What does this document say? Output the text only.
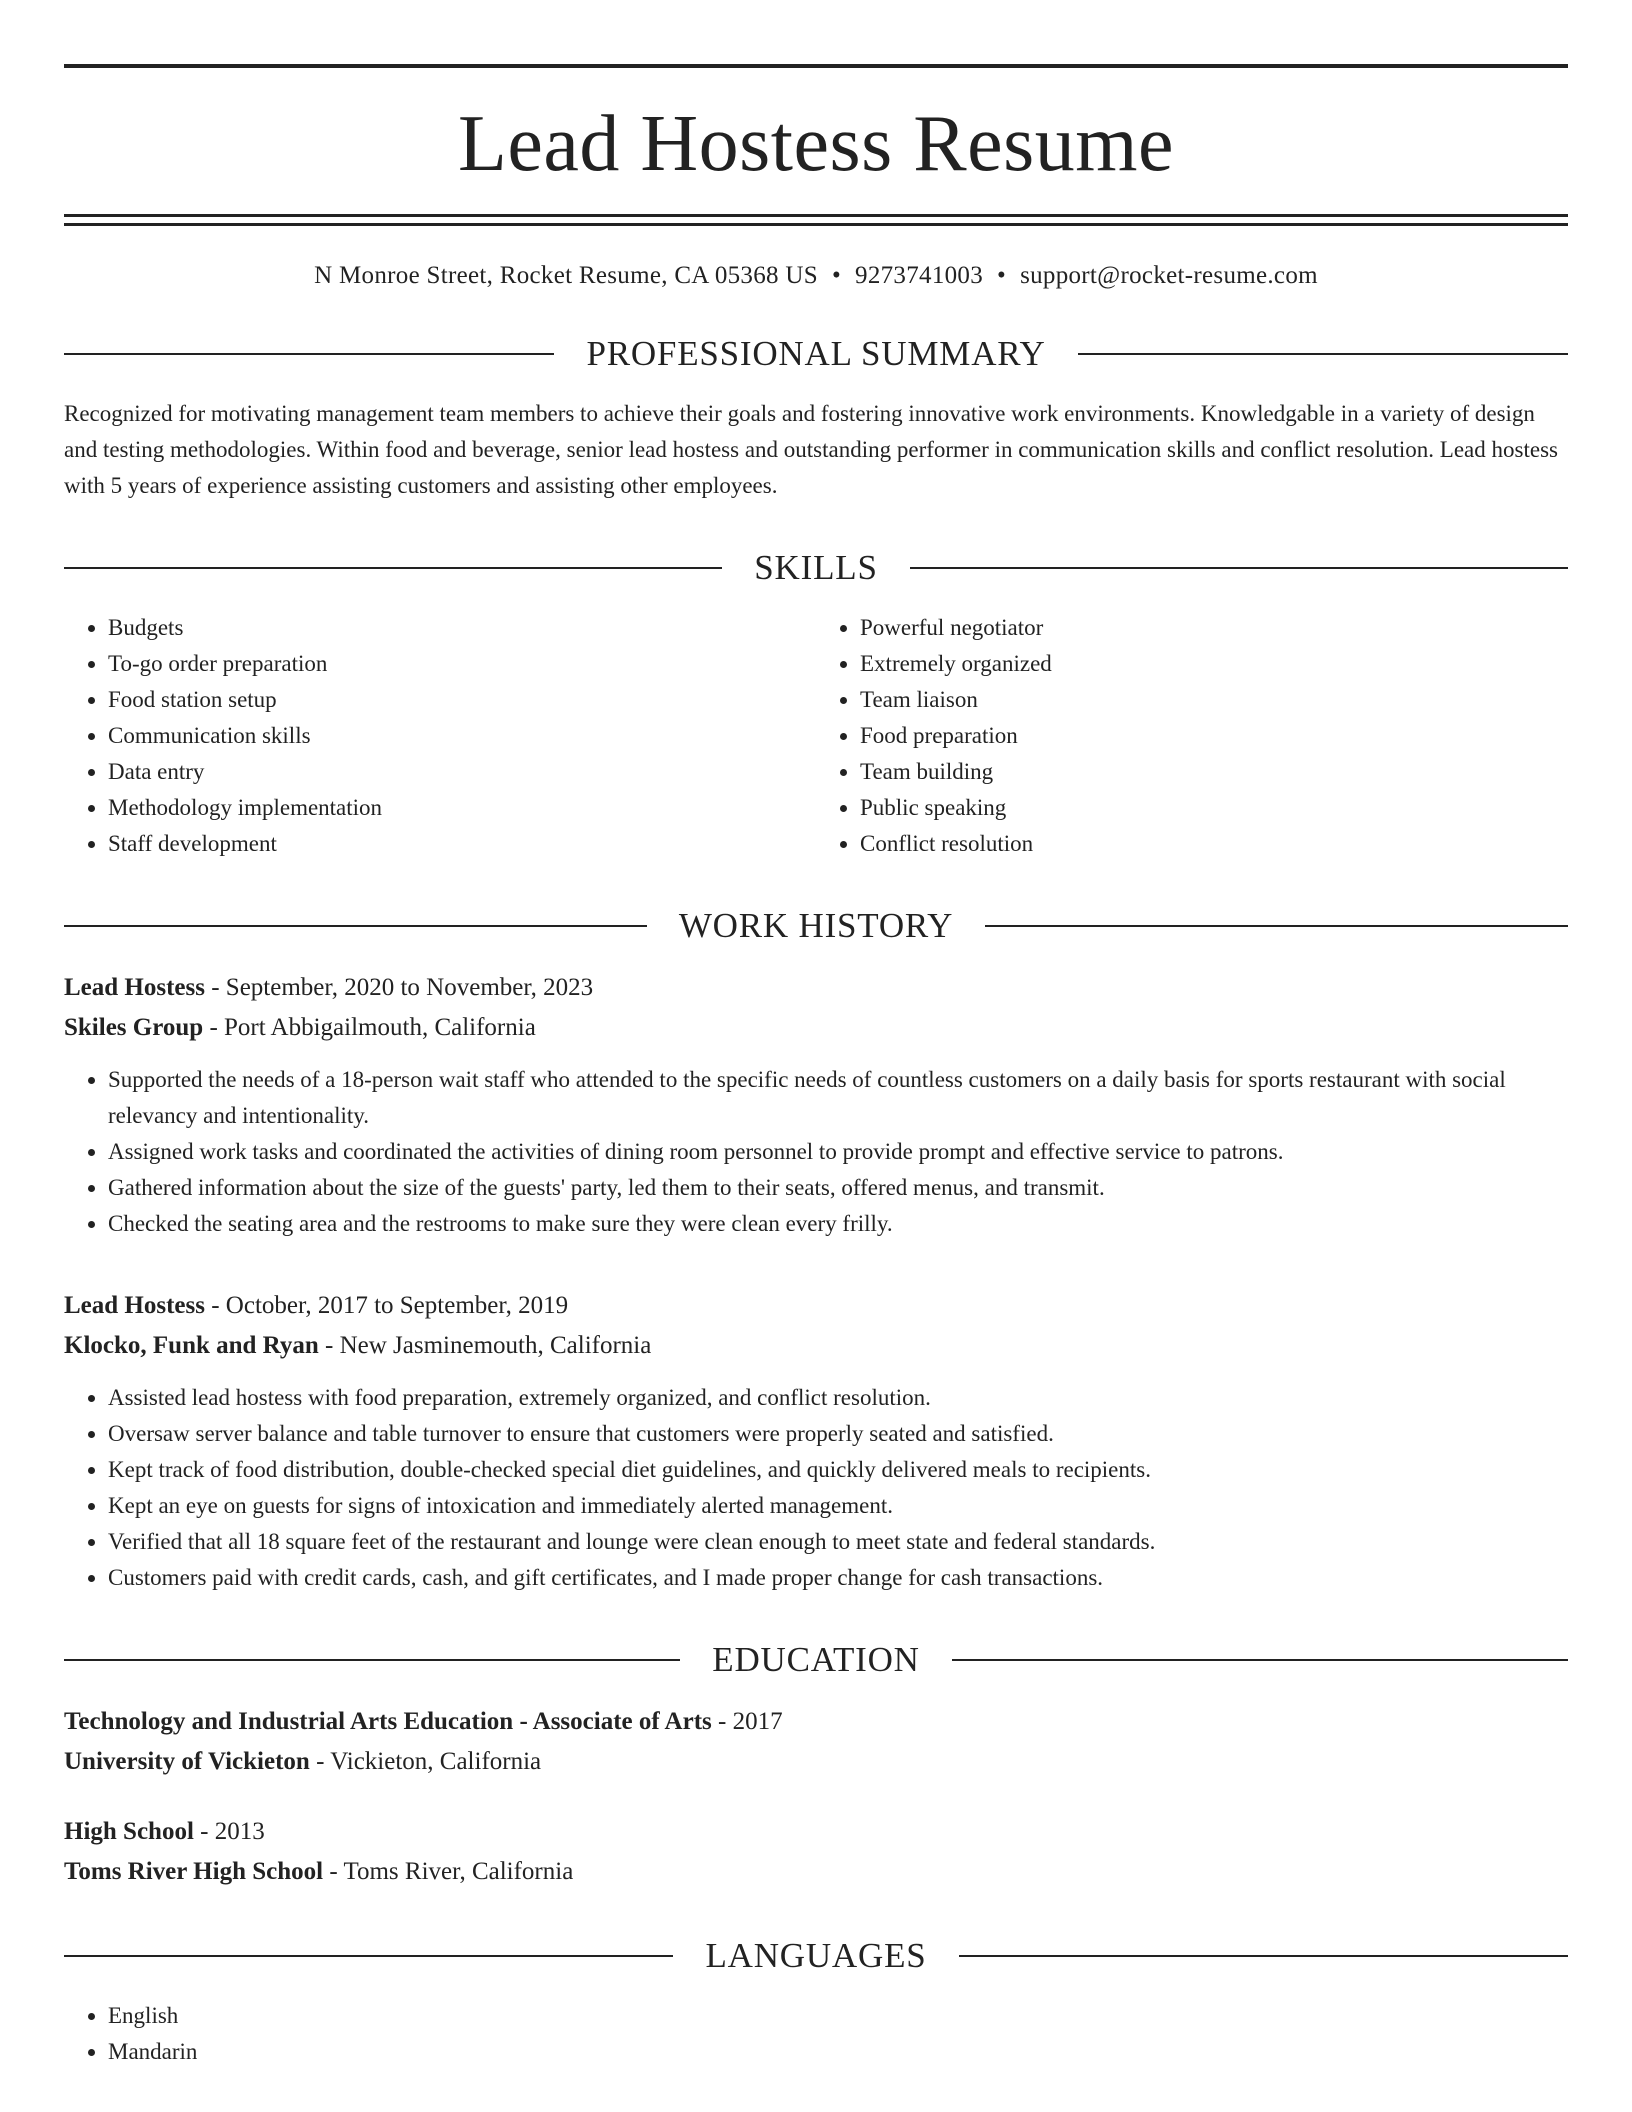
Lead Hostess Resume
N Monroe Street, Rocket Resume, CA 05368 US • 9273741003 • support@rocket-resume.com
PROFESSIONAL SUMMARY
Recognized for motivating management team members to achieve their goals and fostering innovative work environments. Knowledgable in a variety of design and testing methodologies. Within food and beverage, senior lead hostess and outstanding performer in communication skills and conflict resolution. Lead hostess with 5 years of experience assisting customers and assisting other employees.
SKILLS
• Budgets
• To-go order preparation
• Food station setup
• Communication skills
• Data entry
• Methodology implementation
• Staff development
• Powerful negotiator
• Extremely organized
• Team liaison
• Food preparation
• Team building
• Public speaking
• Conflict resolution
WORK HISTORY
Lead Hostess - September, 2020 to November, 2023
Skiles Group - Port Abbigailmouth, California
• Supported the needs of a 18-person wait staff who attended to the specific needs of countless customers on a daily basis for sports restaurant with social relevancy and intentionality.
• Assigned work tasks and coordinated the activities of dining room personnel to provide prompt and effective service to patrons.
• Gathered information about the size of the guests' party, led them to their seats, offered menus, and transmit.
• Checked the seating area and the restrooms to make sure they were clean every frilly.
Lead Hostess - October, 2017 to September, 2019
Klocko, Funk and Ryan - New Jasminemouth, California
• Assisted lead hostess with food preparation, extremely organized, and conflict resolution.
• Oversaw server balance and table turnover to ensure that customers were properly seated and satisfied.
• Kept track of food distribution, double-checked special diet guidelines, and quickly delivered meals to recipients.
• Kept an eye on guests for signs of intoxication and immediately alerted management.
• Verified that all 18 square feet of the restaurant and lounge were clean enough to meet state and federal standards.
• Customers paid with credit cards, cash, and gift certificates, and I made proper change for cash transactions.
EDUCATION
Technology and Industrial Arts Education - Associate of Arts - 2017
University of Vickieton - Vickieton, California
High School - 2013
Toms River High School - Toms River, California
LANGUAGES
• English
• Mandarin
